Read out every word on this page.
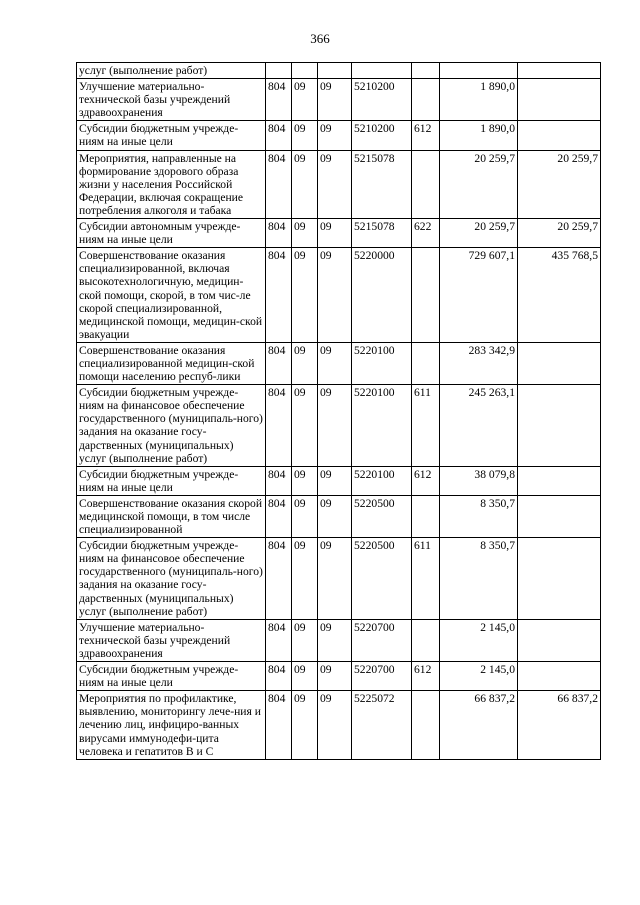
366
услуг (выполнение работ)							
Улучшение материально-технической базы учреждений здравоохранения	804	09	09	5210200		1 890,0	
Субсидии бюджетным учрежде-ниям на иные цели	804	09	09	5210200	612	1 890,0	
Мероприятия, направленные на формирование здорового образа жизни у населения Российской Федерации, включая сокращение потребления алкоголя и табака	804	09	09	5215078		20 259,7	20 259,7
Субсидии автономным учрежде-ниям на иные цели	804	09	09	5215078	622	20 259,7	20 259,7
Совершенствование оказания специализированной, включая высокотехнологичную, медицин-ской помощи, скорой, в том чис-ле скорой специализированной, медицинской помощи, медицин-ской эвакуации	804	09	09	5220000		729 607,1	435 768,5
Совершенствование оказания специализированной медицин-ской помощи населению респуб-лики	804	09	09	5220100		283 342,9	
Субсидии бюджетным учрежде-ниям на финансовое обеспечение государственного (муниципаль-ного) задания на оказание госу-дарственных (муниципальных) услуг (выполнение работ)	804	09	09	5220100	611	245 263,1	
Субсидии бюджетным учрежде-ниям на иные цели	804	09	09	5220100	612	38 079,8	
Совершенствование оказания скорой медицинской помощи, в том числе специализированной	804	09	09	5220500		8 350,7	
Субсидии бюджетным учрежде-ниям на финансовое обеспечение государственного (муниципаль-ного) задания на оказание госу-дарственных (муниципальных) услуг (выполнение работ)	804	09	09	5220500	611	8 350,7	
Улучшение материально-технической базы учреждений здравоохранения	804	09	09	5220700		2 145,0	
Субсидии бюджетным учрежде-ниям на иные цели	804	09	09	5220700	612	2 145,0	
Мероприятия по профилактике, выявлению, мониторингу лече-ния и лечению лиц, инфициро-ванных вирусами иммунодефи-цита человека и гепатитов В и С	804	09	09	5225072		66 837,2	66 837,2
